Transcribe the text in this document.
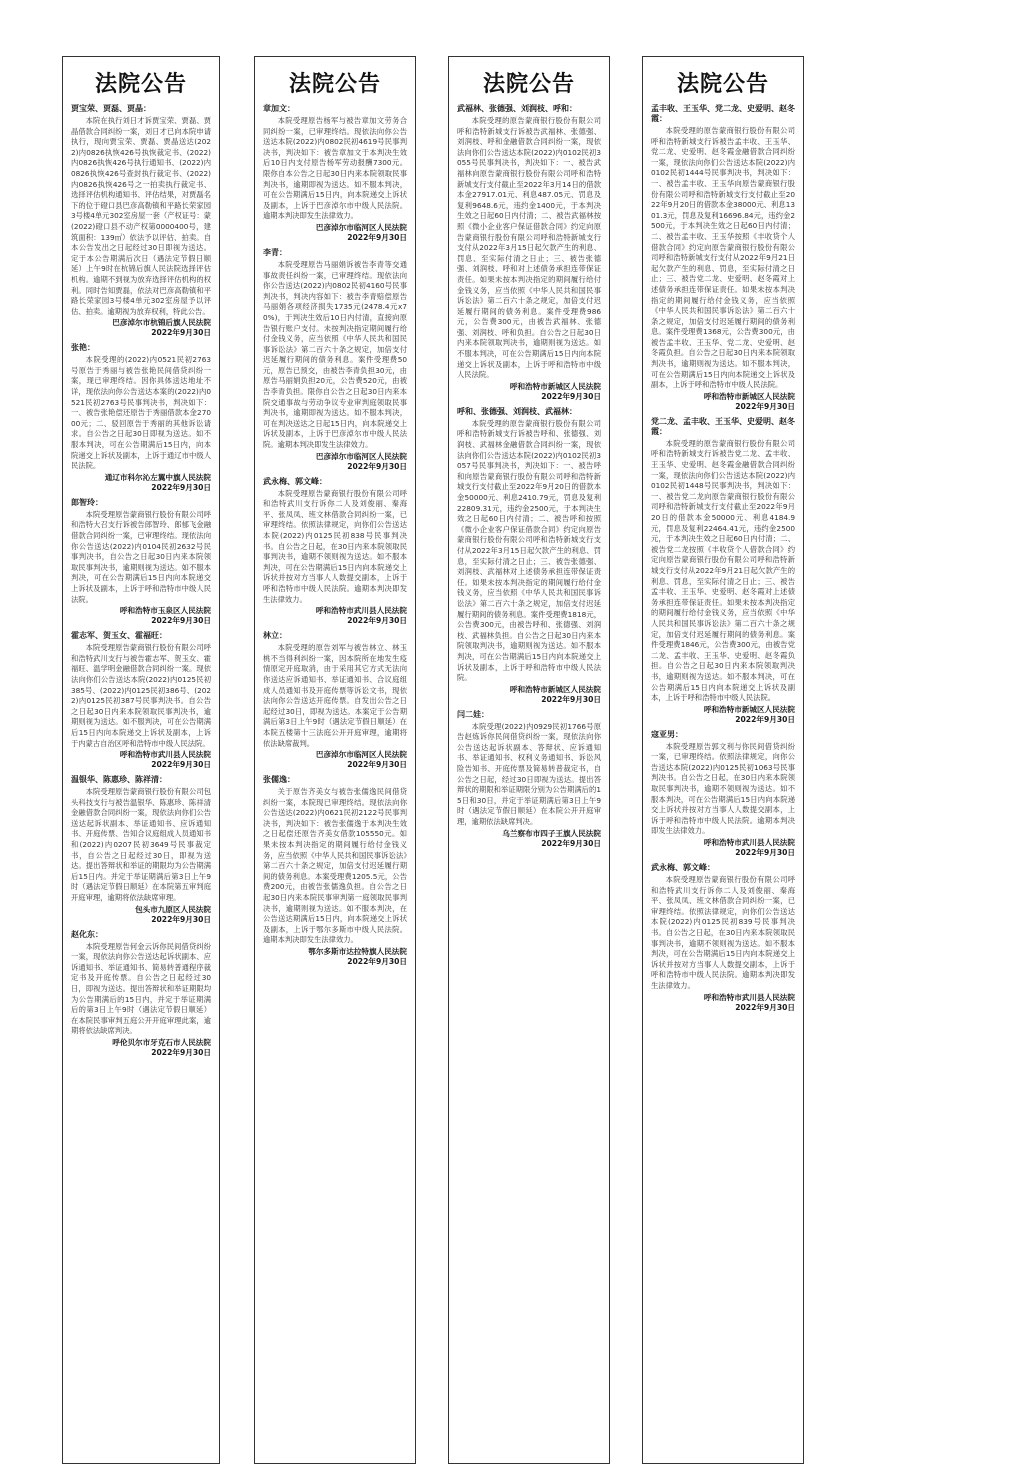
法院公告
贾宝荣、贾磊、贾晶：

本院在执行刘日才诉贾宝荣、贾磊、贾晶借款合同纠纷一案，刘日才已向本院申请执行，现向贾宝荣、贾磊、贾晶送达(2022)内0826执恢426号执恢裁定书、(2022)内0826执恢426号执行通知书、(2022)内0826执恢426号查封执行裁定书、(2022)内0826执恢426号之一拍卖执行裁定书、选择评估机构通知书、评估结果，对贾磊名下的位于磴口县巴彦高勒镇和平路长荣家园3号楼4单元302室房屋一套（产权证号：蒙(2022)磴口县不动产权第0000400号，建筑面积：139㎡）依法予以评估、拍卖。自本公告发出之日起经过30日即视为送达。定于本公告期满后次日（遇法定节假日顺延）上午9时在杭锦后旗人民法院选择评估机构。逾期不到视为放弃选择评估机构的权利。同时告知贾磊，依法对巴彦高勒镇和平路长荣家园3号楼4单元302室房屋予以评估、拍卖。逾期视为放弃权利，特此公告。

巴彦淖尔市杭锦后旗人民法院
2022年9月30日
张艳：

本院受理的(2022)内0521民初2763号原告于秀丽与被告张艳民间借贷纠纷一案，现已审理终结。因你具体送达地址不详，现依法向你公告送达本案的(2022)内0521民初2763号民事判决书，判决如下：一、被告张艳偿还原告于秀丽借款本金27000元；二、驳回原告于秀丽的其他诉讼请求。自公告之日起30日即视为送达。如不服本判决，可在公告期满后15日内，向本院递交上诉状及副本，上诉于通辽市中级人民法院。

通辽市科尔沁左翼中旗人民法院
2022年9月30日
郎智玲：

本院受理原告蒙商银行股份有限公司呼和浩特大召支行诉被告郎智玲、郎郁飞金融借款合同纠纷一案，已审理终结。现依法向你公告送达(2022)内0104民初2632号民事判决书，自公告之日起30日内来本院领取民事判决书，逾期则视为送达。如不服本判决，可在公告期满后15日内向本院递交上诉状及副本，上诉于呼和浩特市中级人民法院。

呼和浩特市玉泉区人民法院
2022年9月30日
霍志军、贺玉女、霍福旺：

本院受理原告蒙商银行股份有限公司呼和浩特武川支行与被告霍志军、贺玉女、霍福旺、温学明金融借款合同纠纷一案。现依法向你们公告送达本院(2022)内0125民初385号、(2022)内0125民初386号、(2022)内0125民初387号民事判决书。自公告之日起30日内来本院领取民事判决书，逾期则视为送达。如不服判决，可在公告期满后15日内向本院递交上诉状及副本，上诉于内蒙古自治区呼和浩特市中级人民法院。

呼和浩特市武川县人民法院
2022年9月30日
温银华、陈惠珍、陈祥清：

本院受理原告蒙商银行股份有限公司包头科技支行与被告温银华、陈惠珍、陈祥清金融借款合同纠纷一案，现依法向你们公告送达起诉状副本、举证通知书、应诉通知书、开庭传票、告知合议庭组成人员通知书和(2022)内0207民初3649号民事裁定书，自公告之日起经过30日，即视为送达。提出答辩状和举证的期限均为公告期满后15日内。并定于举证期满后第3日上午9时（遇法定节假日顺延）在本院第五审判庭开庭审理，逾期将依法缺席审理。

包头市九原区人民法院
2022年9月30日
赵化东：

本院受理原告何金云诉你民间借贷纠纷一案，现依法向你公告送达起诉状副本、应诉通知书、举证通知书、简易转普通程序裁定书及开庭传票。自公告之日起经过30日，即视为送达。提出答辩状和举证期限均为公告期满后的15日内，并定于举证期满后的第3日上午9时（遇法定节假日顺延）在本院民事审判五庭公开开庭审理此案，逾期将依法缺席判决。

呼伦贝尔市牙克石市人民法院
2022年9月30日
法院公告
章加文：

本院受理原告杨军与被告章加文劳务合同纠纷一案，已审理终结。现依法向你公告送达本院(2022)内0802民初4619号民事判决书，判决如下：被告章加文于本判决生效后10日内支付原告杨军劳动报酬7300元。限你自本公告之日起30日内来本院领取民事判决书，逾期即视为送达。如不服本判决，可在公告期满后15日内，向本院递交上诉状及副本，上诉于巴彦淖尔市中级人民法院。逾期本判决即发生法律效力。

巴彦淖尔市临河区人民法院
2022年9月30日
李青：

本院受理原告马丽娟诉被告李青等交通事故责任纠纷一案，已审理终结。现依法向你公告送达(2022)内0802民初4160号民事判决书，判决内容如下：被告李青赔偿原告马丽娟各项经济损失1735元(2478.4元x70%)，于判决生效后10日内付清，直接向原告银行账户支付。未按判决指定期间履行给付金钱义务，应当依照《中华人民共和国民事诉讼法》第二百六十条之规定，加倍支付迟延履行期间的债务利息。案件受理费50元，原告已预交，由被告李青负担30元，由原告马丽娟负担20元，公告费520元，由被告李青负担。限你自公告之日起30日内来本院交通事故与劳动争议专业审判庭领取民事判决书，逾期即视为送达。如不服本判决，可在判决送达之日起15日内，向本院递交上诉状及副本，上诉于巴彦淖尔市中级人民法院。逾期本判决即发生法律效力。

巴彦淖尔市临河区人民法院
2022年9月30日
武永梅、郭文峰：

本院受理原告蒙商银行股份有限公司呼和浩特武川支行诉你二人及刘俊丽、秦海平、张凤凤、班文林借款合同纠纷一案，已审理终结。依照法律规定，向你们公告送达本院(2022)内0125民初838号民事判决书。自公告之日起，在30日内来本院领取民事判决书，逾期不领则视为送达。如不服本判决，可在公告期满后15日内向本院递交上诉状并按对方当事人人数提交副本，上诉于呼和浩特市中级人民法院。逾期本判决即发生法律效力。

呼和浩特市武川县人民法院
2022年9月30日
林立：

本院受理的原告刘军与被告林立、林玉桃不当得利纠纷一案，因本院所在地发生疫情原定开庭取消，由于采用其它方式无法向你送达应诉通知书、举证通知书、合议庭组成人员通知书及开庭传票等诉讼文书，现依法向你公告送达开庭传票。自发出公告之日起经过30日，即视为送达。本案定于公告期满后第3日上午9时（遇法定节假日顺延）在本院五楼第十三法庭公开开庭审理，逾期将依法缺席裁判。

巴彦淖尔市临河区人民法院
2022年9月30日
张儒逸：

关于原告齐美女与被告张儒逸民间借贷纠纷一案，本院现已审理终结。现依法向你公告送达(2022)内0621民初2122号民事判决书，判决如下：被告张儒逸于本判决生效之日起偿还原告齐美女借款105550元。如果未按本判决指定的期间履行给付金钱义务，应当依照《中华人民共和国民事诉讼法》第二百六十条之规定，加倍支付迟延履行期间的债务利息。本案受理费1205.5元，公告费200元，由被告张儒逸负担。自公告之日起30日内来本院民事审判第一庭领取民事判决书，逾期则视为送达。如不服本判决，在公告送达期满后15日内，向本院递交上诉状及副本，上诉于鄂尔多斯市中级人民法院。逾期本判决即发生法律效力。

鄂尔多斯市达拉特旗人民法院
2022年9月30日
法院公告
武福林、张德强、刘润枝、呼和：

本院受理的原告蒙商银行股份有限公司呼和浩特新城支行诉被告武福林、张德强、刘润枝、呼和金融借款合同纠纷一案，现依法向你们公告送达本院(2022)内0102民初3055号民事判决书，判决如下：一、被告武福林向原告蒙商银行股份有限公司呼和浩特新城支行支付截止至2022年3月14日的借款本金27917.01元、利息487.05元、罚息及复利9648.6元，违约金1400元，于本判决生效之日起60日内付清；二、被告武福林按照《微小企业客户保证借款合同》约定向原告蒙商银行股份有限公司呼和浩特新城支行支付从2022年3月15日起欠款产生的利息、罚息、至实际付清之日止；三、被告张德强、刘润枝、呼和对上述债务承担连带保证责任。如果未按本判决指定的期间履行给付金钱义务，应当依照《中华人民共和国民事诉讼法》第二百六十条之规定，加倍支付迟延履行期间的债务利息。案件受理费986元，公告费300元，由被告武福林、张德强、刘润枝、呼和负担。自公告之日起30日内来本院领取判决书，逾期则视为送达。如不服本判决，可在公告期满后15日内向本院递交上诉状及副本，上诉于呼和浩特市中级人民法院。

呼和浩特市新城区人民法院
2022年9月30日
呼和、张德强、刘润枝、武福林：

本院受理的原告蒙商银行股份有限公司呼和浩特新城支行诉被告呼和、张德强、刘润枝、武福林金融借款合同纠纷一案，现依法向你们公告送达本院(2022)内0102民初3057号民事判决书，判决如下：一、被告呼和向原告蒙商银行股份有限公司呼和浩特新城支行支付截止至2022年9月20日的借款本金50000元、利息2410.79元，罚息及复利22809.31元，违约金2500元，于本判决生效之日起60日内付清；二、被告呼和按照《微小企业客户保证借款合同》约定向原告蒙商银行股份有限公司呼和浩特新城支行支付从2022年3月15日起欠款产生的利息、罚息，至实际付清之日止；三、被告张德强、刘润枝、武福林对上述债务承担连带保证责任。如果未按本判决指定的期间履行给付金钱义务，应当依照《中华人民共和国民事诉讼法》第二百六十条之规定，加倍支付迟延履行期间的债务利息。案件受理费1818元，公告费300元，由被告呼和、张德强、刘润枝、武福林负担。自公告之日起30日内来本院领取判决书，逾期则视为送达。如不服本判决，可在公告期满后15日内向本院递交上诉状及副本，上诉于呼和浩特市中级人民法院。

呼和浩特市新城区人民法院
2022年9月30日
闫二娃：

本院受理(2022)内0929民初1766号原告赵炼诉你民间借贷纠纷一案，现依法向你公告送达起诉状副本、答辩状、应诉通知书、举证通知书、权利义务通知书、诉讼风险告知书、开庭传票及简易转普裁定书，自公告之日起，经过30日即视为送达。提出答辩状的期限和举证期限分别为公告期满后的15日和30日，并定于举证期满后第3日上午9时（遇法定节假日顺延）在本院公开开庭审理，逾期依法缺席判决。

乌兰察布市四子王旗人民法院
2022年9月30日
法院公告
孟丰收、王玉华、党二龙、史爱明、赵冬霞：

本院受理的原告蒙商银行股份有限公司呼和浩特新城支行诉被告孟丰收、王玉华、党二龙、史爱明、赵冬霞金融借款合同纠纷一案，现依法向你们公告送达本院(2022)内0102民初1444号民事判决书，判决如下：一、被告孟丰收、王玉华向原告蒙商银行股份有限公司呼和浩特新城支行支付截止至2022年9月20日的借款本金38000元、利息1301.3元，罚息及复利16696.84元，违约金2500元，于本判决生效之日起60日内付清；二、被告孟丰收、王玉华按照《丰收贷个人借款合同》约定向原告蒙商银行股份有限公司呼和浩特新城支行支付从2022年9月21日起欠款产生的利息、罚息，至实际付清之日止；三、被告党二龙、史爱明、赵冬霞对上述债务承担连带保证责任。如果未按本判决指定的期间履行给付金钱义务，应当依照《中华人民共和国民事诉讼法》第二百六十条之规定，加倍支付迟延履行期间的债务利息。案件受理费1368元，公告费300元，由被告孟丰收、王玉华、党二龙、史爱明、赵冬霞负担。自公告之日起30日内来本院领取判决书，逾期则视为送达。如不服本判决，可在公告期满后15日内向本院递交上诉状及副本，上诉于呼和浩特市中级人民法院。

呼和浩特市新城区人民法院
2022年9月30日
党二龙、孟丰收、王玉华、史爱明、赵冬霞：

本院受理的原告蒙商银行股份有限公司呼和浩特新城支行诉被告党二龙、孟丰收、王玉华、史爱明、赵冬霞金融借款合同纠纷一案，现依法向你们公告送达本院(2022)内0102民初1448号民事判决书，判决如下：一、被告党二龙向原告蒙商银行股份有限公司呼和浩特新城支行支付截止至2022年9月20日的借款本金50000元、利息4184.9元，罚息及复利22464.41元，违约金2500元，于本判决生效之日起60日内付清；二、被告党二龙按照《丰收贷个人借款合同》约定向原告蒙商银行股份有限公司呼和浩特新城支行支付从2022年9月21日起欠款产生的利息、罚息，至实际付清之日止；三、被告孟丰收、王玉华、史爱明、赵冬霞对上述债务承担连带保证责任。如果未按本判决指定的期间履行给付金钱义务，应当依照《中华人民共和国民事诉讼法》第二百六十条之规定，加倍支付迟延履行期间的债务利息。案件受理费1846元，公告费300元，由被告党二龙、孟丰收、王玉华、史爱明、赵冬霞负担。自公告之日起30日内来本院领取判决书，逾期则视为送达。如不服本判决，可在公告期满后15日内向本院递交上诉状及副本，上诉于呼和浩特市中级人民法院。

呼和浩特市新城区人民法院
2022年9月30日
寇亚男：

本院受理原告郭文利与你民间借贷纠纷一案，已审理终结。依照法律规定，向你公告送达本院(2022)内0125民初1063号民事判决书。自公告之日起，在30日内来本院领取民事判决书，逾期不领则视为送达。如不服本判决，可在公告期满后15日内向本院递交上诉状并按对方当事人人数提交副本，上诉于呼和浩特市中级人民法院。逾期本判决即发生法律效力。

呼和浩特市武川县人民法院
2022年9月30日
武永梅、郭文峰：

本院受理原告蒙商银行股份有限公司呼和浩特武川支行诉你二人及刘俊丽、秦海平、张凤凤、班文林借款合同纠纷一案，已审理终结。依照法律规定，向你们公告送达本院(2022)内0125民初839号民事判决书。自公告之日起，在30日内来本院领取民事判决书，逾期不领则视为送达。如不服本判决，可在公告期满后15日内向本院递交上诉状并按对方当事人人数提交副本，上诉于呼和浩特市中级人民法院。逾期本判决即发生法律效力。

呼和浩特市武川县人民法院
2022年9月30日
